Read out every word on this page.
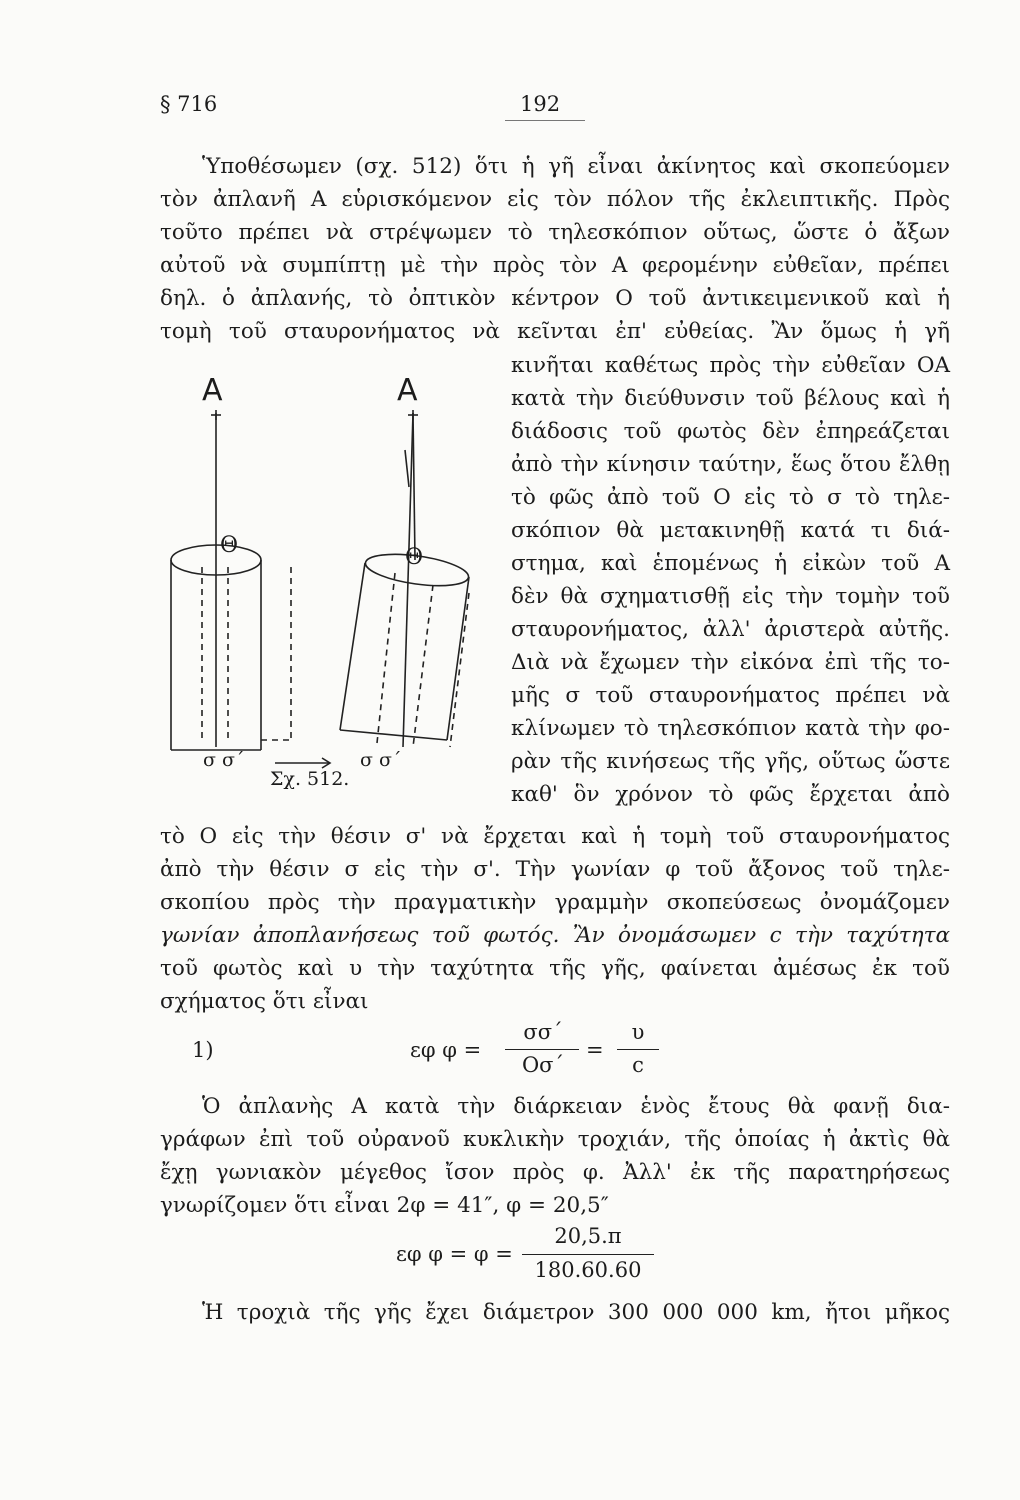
§ 716	192
Ὑποθέσωμεν (σχ. 512) ὅτι ἡ γῆ εἶναι ἀκίνητος καὶ σκοπεύομεν
τὸν ἀπλανῆ Α εὑρισκόμενον εἰς τὸν πόλον τῆς ἐκλειπτικῆς. Πρὸς
τοῦτο πρέπει νὰ στρέψωμεν τὸ τηλεσκόπιον οὕτως, ὥστε ὁ ἄξων
αὐτοῦ νὰ συμπίπτῃ μὲ τὴν πρὸς τὸν Α φερομένην εὐθεῖαν, πρέπει
δηλ. ὁ ἀπλανής, τὸ ὀπτικὸν κέντρον Ο τοῦ ἀντικειμενικοῦ καὶ ἡ
τομὴ τοῦ σταυρονήματος νὰ κεῖνται ἐπ' εὐθείας. Ἂν ὅμως ἡ γῆ
κινῆται καθέτως πρὸς τὴν εὐθεῖαν ΟΑ
κατὰ τὴν διεύθυνσιν τοῦ βέλους καὶ ἡ
διάδοσις τοῦ φωτὸς δὲν ἐπηρεάζεται
ἀπὸ τὴν κίνησιν ταύτην, ἕως ὅτου ἔλθῃ
τὸ φῶς ἀπὸ τοῦ Ο εἰς τὸ σ τὸ τηλε-
σκόπιον θὰ μετακινηθῇ κατά τι διά-
στημα, καὶ ἑπομένως ἡ εἰκὼν τοῦ Α
δὲν θὰ σχηματισθῇ εἰς τὴν τομὴν τοῦ
σταυρονήματος, ἀλλ' ἀριστερὰ αὐτῆς.
Διὰ νὰ ἔχωμεν τὴν εἰκόνα ἐπὶ τῆς το-
μῆς σ τοῦ σταυρονήματος πρέπει νὰ
κλίνωμεν τὸ τηλεσκόπιον κατὰ τὴν φο-
ρὰν τῆς κινήσεως τῆς γῆς, οὕτως ὥστε
καθ' ὃν χρόνον τὸ φῶς ἔρχεται ἀπὸ
Α	Α
Θ	Θ
σ σ΄	σ σ΄
Σχ. 512.
τὸ Ο εἰς τὴν θέσιν σ' νὰ ἔρχεται καὶ ἡ τομὴ τοῦ σταυρονήματος
ἀπὸ τὴν θέσιν σ εἰς τὴν σ'. Τὴν γωνίαν φ τοῦ ἄξονος τοῦ τηλε-
σκοπίου πρὸς τὴν πραγματικὴν γραμμὴν σκοπεύσεως ὀνομάζομεν
γωνίαν ἀποπλανήσεως τοῦ φωτός. Ἂν ὀνομάσωμεν c τὴν ταχύτητα
τοῦ φωτὸς καὶ υ τὴν ταχύτητα τῆς γῆς, φαίνεται ἀμέσως ἐκ τοῦ
σχήματος ὅτι εἶναι
1)	εφ φ =
σσ΄
Οσ΄
=
υ
c
Ὁ ἀπλανὴς Α κατὰ τὴν διάρκειαν ἑνὸς ἔτους θὰ φανῇ δια-
γράφων ἐπὶ τοῦ οὐρανοῦ κυκλικὴν τροχιάν, τῆς ὁποίας ἡ ἀκτὶς θὰ
ἔχῃ γωνιακὸν μέγεθος ἴσον πρὸς φ. Ἀλλ' ἐκ τῆς παρατηρήσεως
γνωρίζομεν ὅτι εἶναι 2φ = 41″, φ = 20,5″
εφ φ = φ =
20,5.π
180.60.60
Ἡ τροχιὰ τῆς γῆς ἔχει διάμετρον 300 000 000 km, ἤτοι μῆκος
